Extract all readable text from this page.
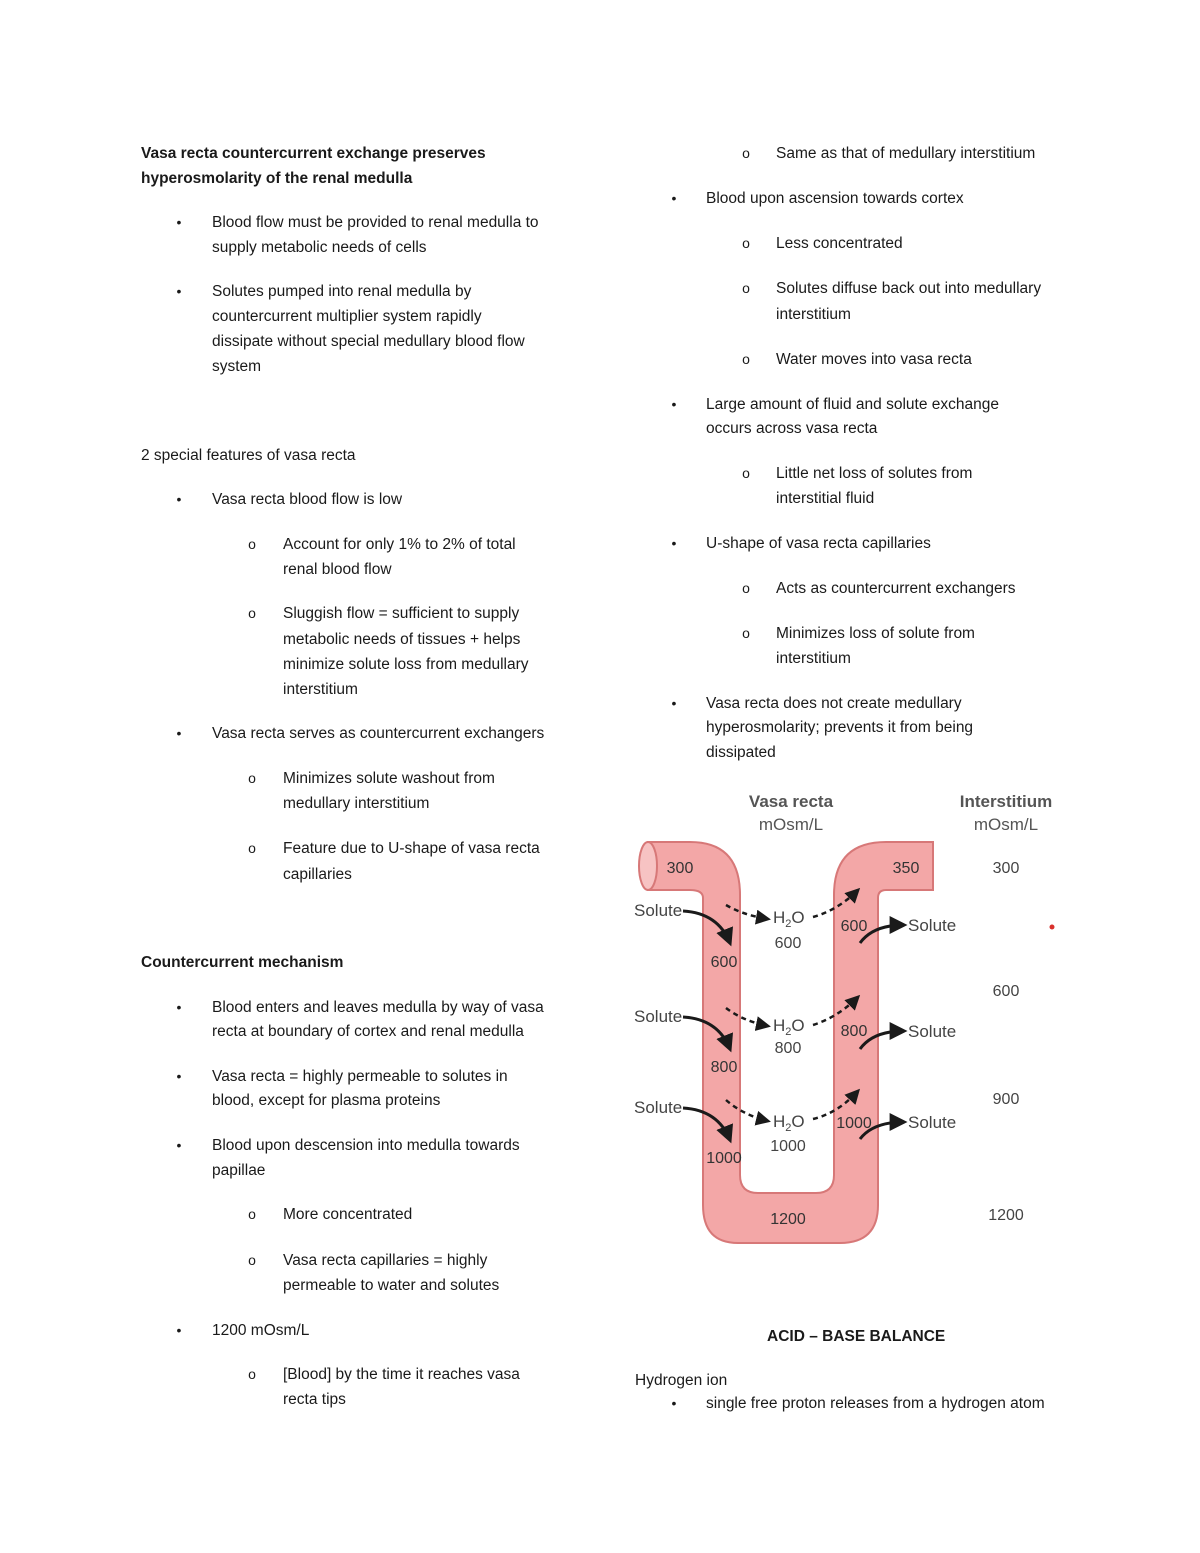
Vasa recta countercurrent exchange preserves

hyperosmolarity of the renal medulla

•

Blood flow must be provided to renal medulla to

supply metabolic needs of cells

•

Solutes pumped into renal medulla by

countercurrent multiplier system rapidly

dissipate without special medullary blood flow

system

2 special features of vasa recta

•

Vasa recta blood flow is low

o

Account for only 1% to 2% of total

renal blood flow

o

Sluggish flow = sufficient to supply

metabolic needs of tissues + helps

minimize solute loss from medullary

interstitium

•

Vasa recta serves as countercurrent exchangers

o

Minimizes solute washout from

medullary interstitium

o

Feature due to U-shape of vasa recta

capillaries

Countercurrent mechanism

•

Blood enters and leaves medulla by way of vasa

recta at boundary of cortex and renal medulla

•

Vasa recta = highly permeable to solutes in

blood, except for plasma proteins

•

Blood upon descension into medulla towards

papillae

o

More concentrated

o

Vasa recta capillaries = highly

permeable to water and solutes

•

1200 mOsm/L

o

[Blood] by the time it reaches vasa

recta tips

o

Same as that of medullary interstitium

•

Blood upon ascension towards cortex

o

Less concentrated

o

Solutes diffuse back out into medullary

interstitium

o

Water moves into vasa recta

•

Large amount of fluid and solute exchange

occurs across vasa recta

o

Little net loss of solutes from

interstitial fluid

•

U-shape of vasa recta capillaries

o

Acts as countercurrent exchangers

o

Minimizes loss of solute from

interstitium

•

Vasa recta does not create medullary

hyperosmolarity; prevents it from being

dissipated

Vasa recta
mOsm/L
Interstitium
mOsm/L
300	350
600
800
1000
600
800
1000
1200
$H_2O$
600
$H_2O$
800
$H_2O$
1000
Solute
Solute
Solute
Solute
Solute
Solute
300
600
900
1200

ACID – BASE BALANCE

Hydrogen ion

•

single free proton releases from a hydrogen atom
